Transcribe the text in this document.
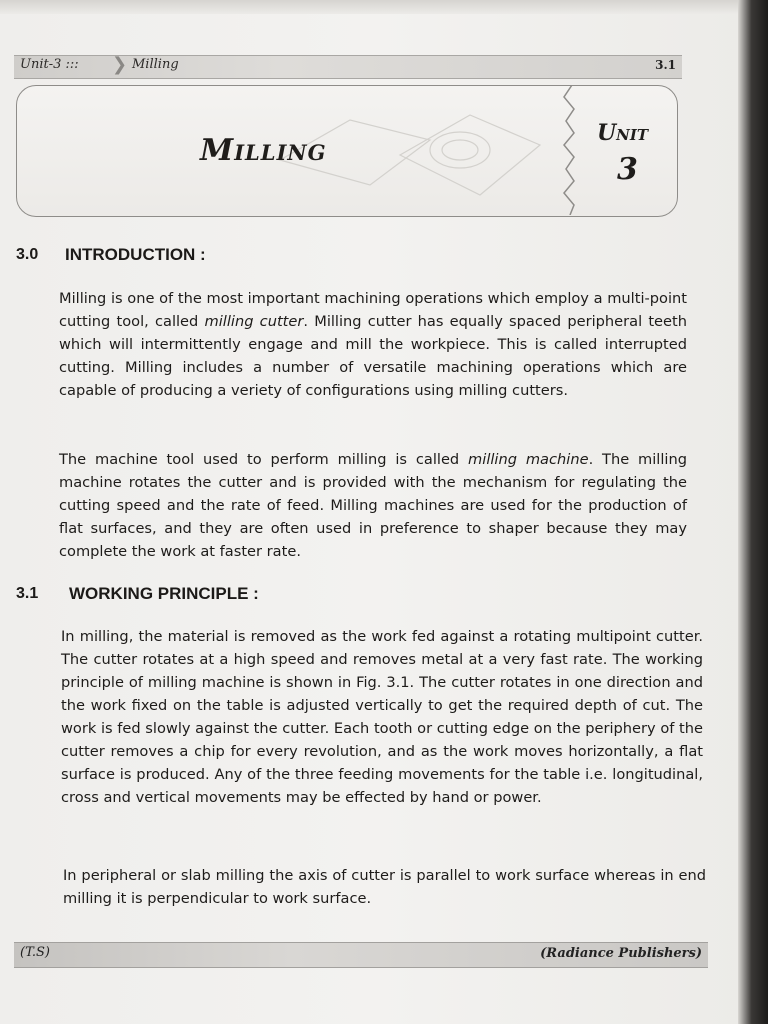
Unit-3 ::: ❯ Milling	3.1
Milling	Unit
3
3.0 INTRODUCTION :

Milling is one of the most important machining operations which employ a multi-point cutting tool, called milling cutter. Milling cutter has equally spaced peripheral teeth which will intermittently engage and mill the workpiece. This is called interrupted cutting. Milling includes a number of versatile machining operations which are capable of producing a veriety of configurations using milling cutters.

The machine tool used to perform milling is called milling machine. The milling machine rotates the cutter and is provided with the mechanism for regulating the cutting speed and the rate of feed. Milling machines are used for the production of flat surfaces, and they are often used in preference to shaper because they may complete the work at faster rate.

3.1 WORKING PRINCIPLE :

In milling, the material is removed as the work fed against a rotating multipoint cutter. The cutter rotates at a high speed and removes metal at a very fast rate. The working principle of milling machine is shown in Fig. 3.1. The cutter rotates in one direction and the work fixed on the table is adjusted vertically to get the required depth of cut. The work is fed slowly against the cutter. Each tooth or cutting edge on the periphery of the cutter removes a chip for every revolution, and as the work moves horizontally, a flat surface is produced. Any of the three feeding movements for the table i.e. longitudinal, cross and vertical movements may be effected by hand or power.

In peripheral or slab milling the axis of cutter is parallel to work surface whereas in end milling it is perpendicular to work surface.

(T.S)	(Radiance Publishers)
